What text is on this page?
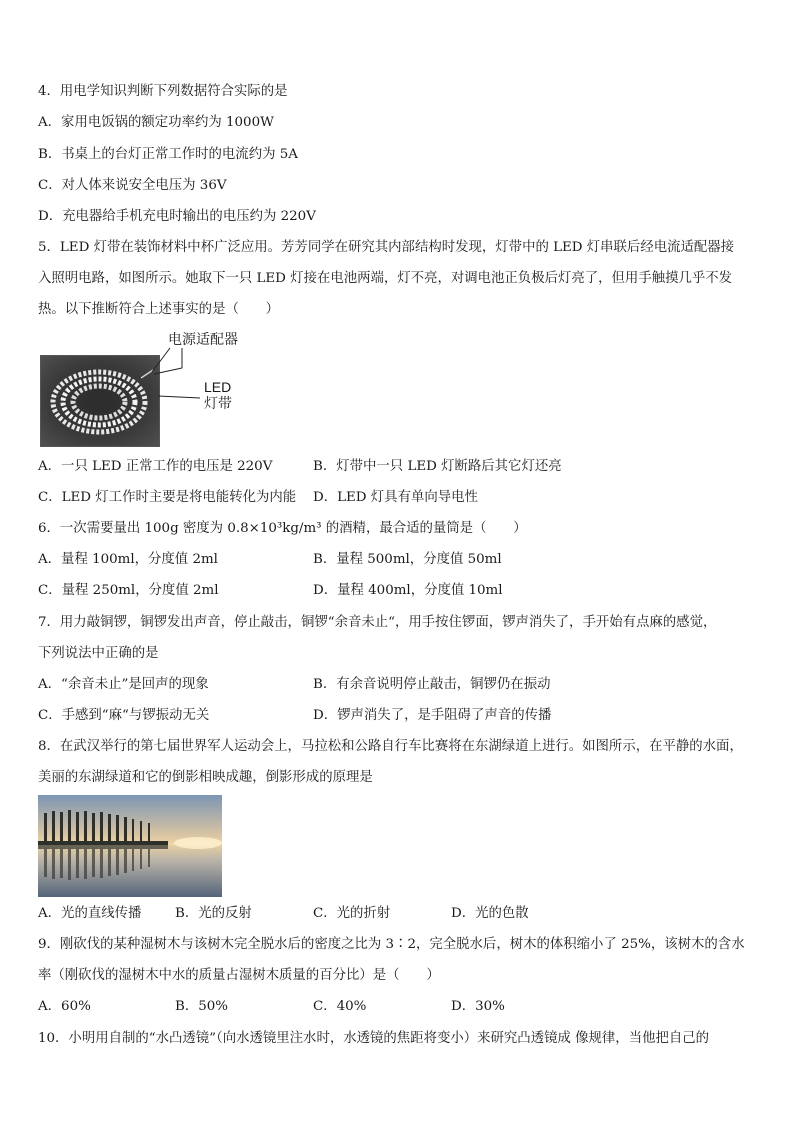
4．用电学知识判断下列数据符合实际的是
A．家用电饭锅的额定功率约为 1000W
B．书桌上的台灯正常工作时的电流约为 5A
C．对人体来说安全电压为 36V
D．充电器给手机充电时输出的电压约为 220V
5．LED 灯带在装饰材料中杯广泛应用。芳芳同学在研究其内部结构时发现，灯带中的 LED 灯串联后经电流适配器接
入照明电路，如图所示。她取下一只 LED 灯接在电池两端，灯不亮，对调电池正负极后灯亮了，但用手触摸几乎不发
热。以下推断符合上述事实的是（　　）
电源适配器
LED
灯带
A．一只 LED 正常工作的电压是 220V	B．灯带中一只 LED 灯断路后其它灯还亮
C．LED 灯工作时主要是将电能转化为内能 D．LED 灯具有单向导电性
6．一次需要量出 100g 密度为 0.8×10³kg/m³ 的酒精，最合适的量筒是（　　）
A．量程 100ml，分度值 2ml	B．量程 500ml，分度值 50ml
C．量程 250ml，分度值 2ml	D．量程 400ml，分度值 10ml
7．用力敲铜锣，铜锣发出声音，停止敲击，铜锣“余音未止“，用手按住锣面，锣声消失了，手开始有点麻的感觉，
下列说法中正确的是
A．“余音未止”是回声的现象	B．有余音说明停止敲击，铜锣仍在振动
C．手感到“麻“与锣振动无关	D．锣声消失了，是手阻碍了声音的传播
8．在武汉举行的第七届世界军人运动会上，马拉松和公路自行车比赛将在东湖绿道上进行。如图所示，在平静的水面，
美丽的东湖绿道和它的倒影相映成趣，倒影形成的原理是
A．光的直线传播	B．光的反射	C．光的折射	D．光的色散
9．刚砍伐的某种湿树木与该树木完全脱水后的密度之比为 3∶2，完全脱水后，树木的体积缩小了 25%，该树木的含水
率（刚砍伐的湿树木中水的质量占湿树木质量的百分比）是（　　）
A．60%	B．50%	C．40%	D．30%
10．小明用自制的“水凸透镜”（向水透镜里注水时，水透镜的焦距将变小）来研究凸透镜成 像规律，当他把自己的
